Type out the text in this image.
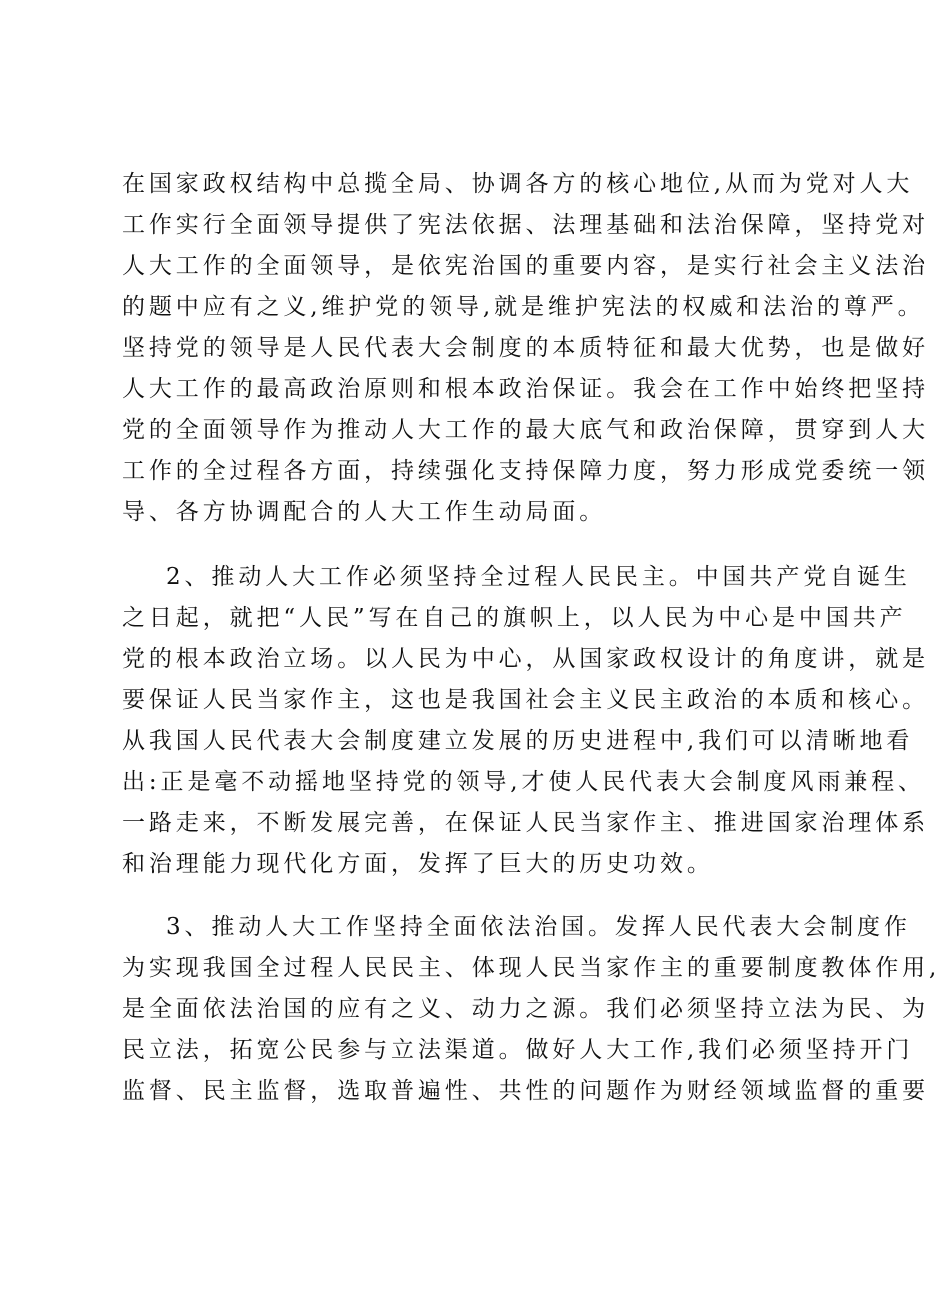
在国家政权结构中总揽全局、协调各方的核心地位,从而为党对人大
工作实行全面领导提供了宪法依据、法理基础和法治保障，坚持党对
人大工作的全面领导，是依宪治国的重要内容，是实行社会主义法治
的题中应有之义,维护党的领导,就是维护宪法的权威和法治的尊严。
坚持党的领导是人民代表大会制度的本质特征和最大优势，也是做好
人大工作的最高政治原则和根本政治保证。我会在工作中始终把坚持
党的全面领导作为推动人大工作的最大底气和政治保障，贯穿到人大
工作的全过程各方面，持续强化支持保障力度，努力形成党委统一领
导、各方协调配合的人大工作生动局面。
2、推动人大工作必须坚持全过程人民民主。中国共产党自诞生
之日起，就把“人民”写在自己的旗帜上，以人民为中心是中国共产
党的根本政治立场。以人民为中心，从国家政权设计的角度讲，就是
要保证人民当家作主，这也是我国社会主义民主政治的本质和核心。
从我国人民代表大会制度建立发展的历史进程中,我们可以清晰地看
出:正是毫不动摇地坚持党的领导,才使人民代表大会制度风雨兼程、
一路走来，不断发展完善，在保证人民当家作主、推进国家治理体系
和治理能力现代化方面，发挥了巨大的历史功效。
3、推动人大工作坚持全面依法治国。发挥人民代表大会制度作
为实现我国全过程人民民主、体现人民当家作主的重要制度教体作用,
是全面依法治国的应有之义、动力之源。我们必须坚持立法为民、为
民立法，拓宽公民参与立法渠道。做好人大工作,我们必须坚持开门
监督、民主监督，选取普遍性、共性的问题作为财经领域监督的重要
